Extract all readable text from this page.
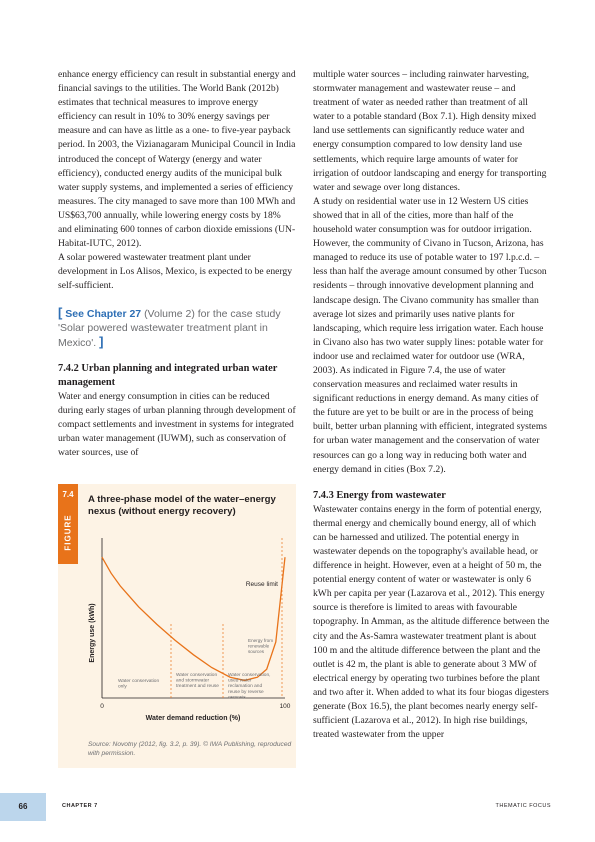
enhance energy efficiency can result in substantial energy and financial savings to the utilities. The World Bank (2012b) estimates that technical measures to improve energy efficiency can result in 10% to 30% energy savings per measure and can have as little as a one- to five-year payback period. In 2003, the Vizianagaram Municipal Council in India introduced the concept of Watergy (energy and water efficiency), conducted energy audits of the municipal bulk water supply systems, and implemented a series of efficiency measures. The city managed to save more than 100 MWh and US$63,700 annually, while lowering energy costs by 18% and eliminating 600 tonnes of carbon dioxide emissions (UN-Habitat-IUTC, 2012).

A solar powered wastewater treatment plant under development in Los Alisos, Mexico, is expected to be energy self-sufficient.

[ See Chapter 27 (Volume 2) for the case study 'Solar powered wastewater treatment plant in Mexico'. ]
7.4.2 Urban planning and integrated urban water management

Water and energy consumption in cities can be reduced during early stages of urban planning through development of compact settlements and investment in systems for integrated urban water management (IUWM), such as conservation of water sources, use of

multiple water sources – including rainwater harvesting, stormwater management and wastewater reuse – and treatment of water as needed rather than treatment of all water to a potable standard (Box 7.1). High density mixed land use settlements can significantly reduce water and energy consumption compared to low density land use settlements, which require large amounts of water for irrigation of outdoor landscaping and energy for transporting water and sewage over long distances.

A study on residential water use in 12 Western US cities showed that in all of the cities, more than half of the household water consumption was for outdoor irrigation. However, the community of Civano in Tucson, Arizona, has managed to reduce its use of potable water to 197 l.p.c.d. – less than half the average amount consumed by other Tucson residents – through innovative development planning and landscape design. The Civano community has smaller than average lot sizes and primarily uses native plants for landscaping, which require less irrigation water. Each house in Civano also has two water supply lines: potable water for indoor use and reclaimed water for outdoor use (WRA, 2003). As indicated in Figure 7.4, the use of water conservation measures and reclaimed water results in significant reductions in energy demand. As many cities of the future are yet to be built or are in the process of being built, better urban planning with efficient, integrated systems for urban water management and the conservation of water resources can go a long way in reducing both water and energy demand in cities (Box 7.2).

7.4.3 Energy from wastewater

Wastewater contains energy in the form of potential energy, thermal energy and chemically bound energy, all of which can be harnessed and utilized. The potential energy in wastewater depends on the topography's available head, or difference in height. However, even at a height of 50 m, the potential energy content of water or wastewater is only 6 kWh per capita per year (Lazarova et al., 2012). This energy source is therefore is limited to areas with favourable topography. In Amman, as the altitude difference between the city and the As-Samra wastewater treatment plant is about 100 m and the altitude difference between the plant and the outlet is 42 m, the plant is able to generate about 3 MW of electrical energy by operating two turbines before the plant and two after it. When added to what its four biogas digesters generate (Box 16.5), the plant becomes nearly energy self-sufficient (Lazarova et al., 2012). In high rise buildings, treated wastewater from the upper

7.4
FIGURE
A three-phase model of the water–energy nexus (without energy recovery)
Energy use (kWh)
Reuse limit
Energy from renewable sources
Water conservation only
Water conservation and stormwater treatment and reuse
Water conservation, used water reclamation and reuse by reverse osmosis
0	100
Water demand reduction (%)
Source: Novotny (2012, fig. 3.2, p. 39). © IWA Publishing, reproduced with permission.
66	CHAPTER 7	THEMATIC FOCUS
